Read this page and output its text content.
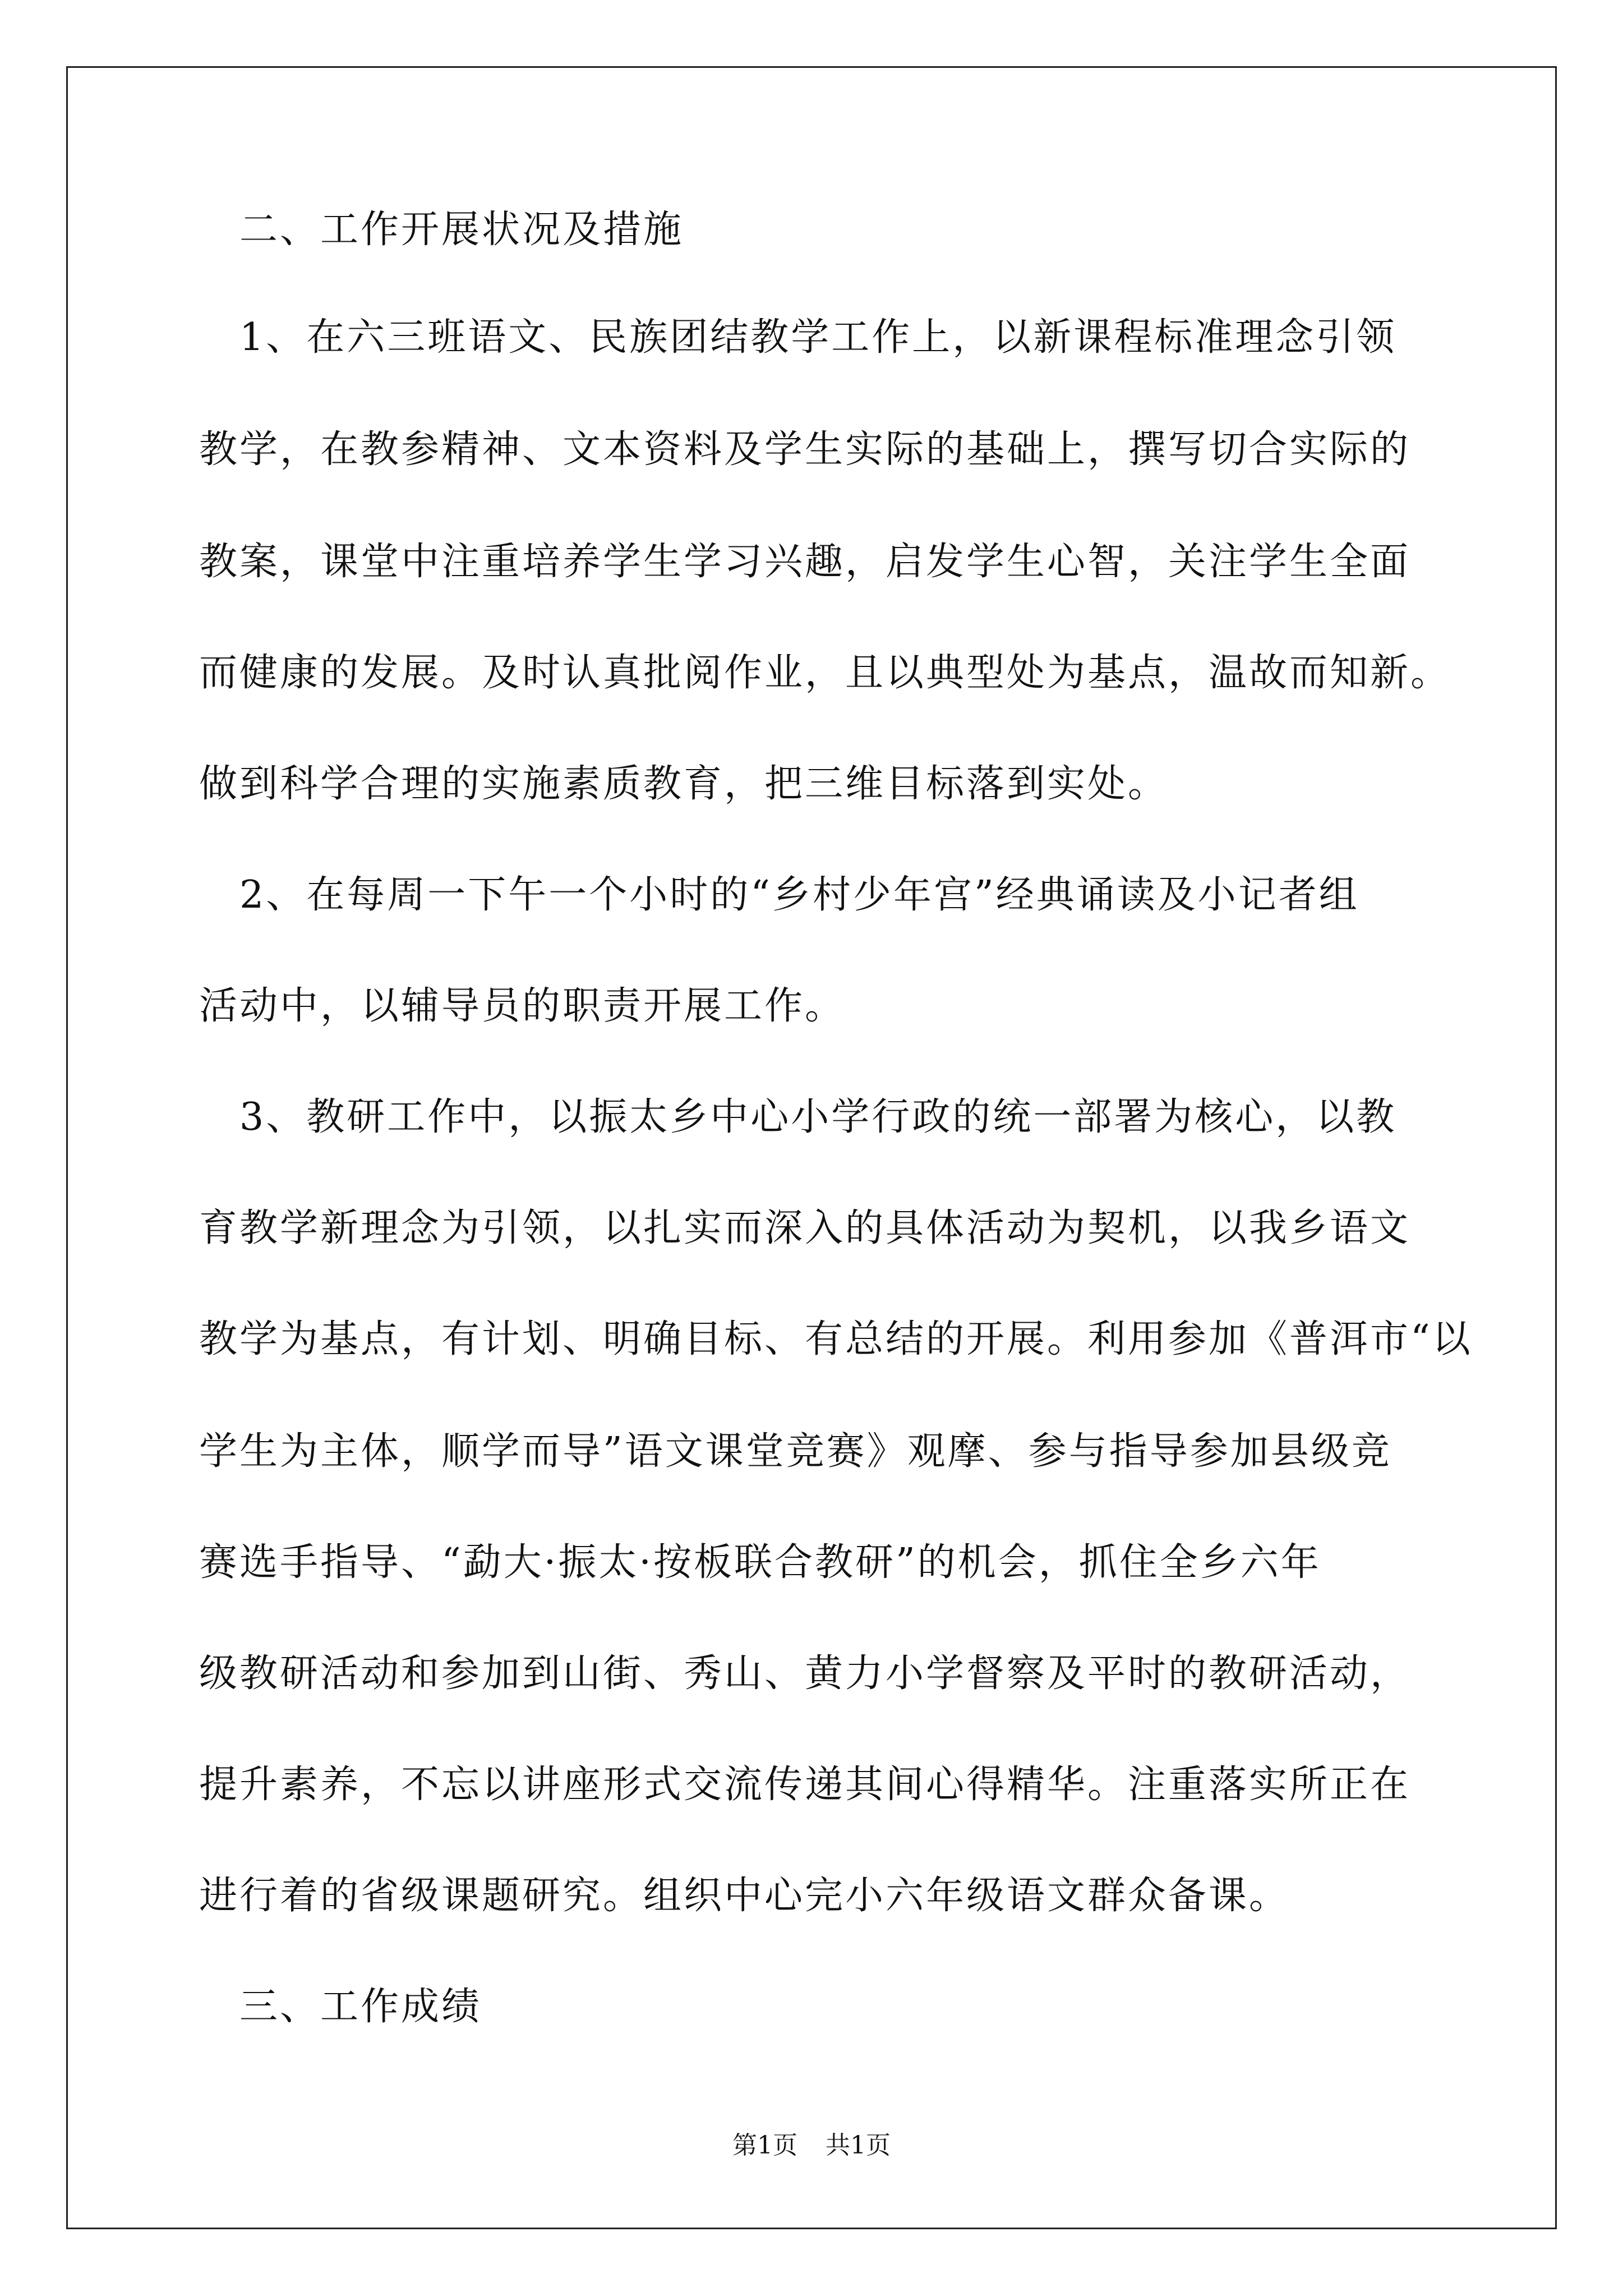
　二、工作开展状况及措施

　1、在六三班语文、民族团结教学工作上，以新课程标准理念引领

教学，在教参精神、文本资料及学生实际的基础上，撰写切合实际的

教案，课堂中注重培养学生学习兴趣，启发学生心智，关注学生全面

而健康的发展。及时认真批阅作业，且以典型处为基点，温故而知新。

做到科学合理的实施素质教育，把三维目标落到实处。

　2、在每周一下午一个小时的“乡村少年宫”经典诵读及小记者组

活动中，以辅导员的职责开展工作。

　3、教研工作中，以振太乡中心小学行政的统一部署为核心，以教

育教学新理念为引领，以扎实而深入的具体活动为契机，以我乡语文

教学为基点，有计划、明确目标、有总结的开展。利用参加《普洱市“以

学生为主体，顺学而导”语文课堂竞赛》观摩、参与指导参加县级竞

赛选手指导、“勐大·振太·按板联合教研”的机会，抓住全乡六年

级教研活动和参加到山街、秀山、黄力小学督察及平时的教研活动，

提升素养，不忘以讲座形式交流传递其间心得精华。注重落实所正在

进行着的省级课题研究。组织中心完小六年级语文群众备课。

　三、工作成绩

第1页 共1页
